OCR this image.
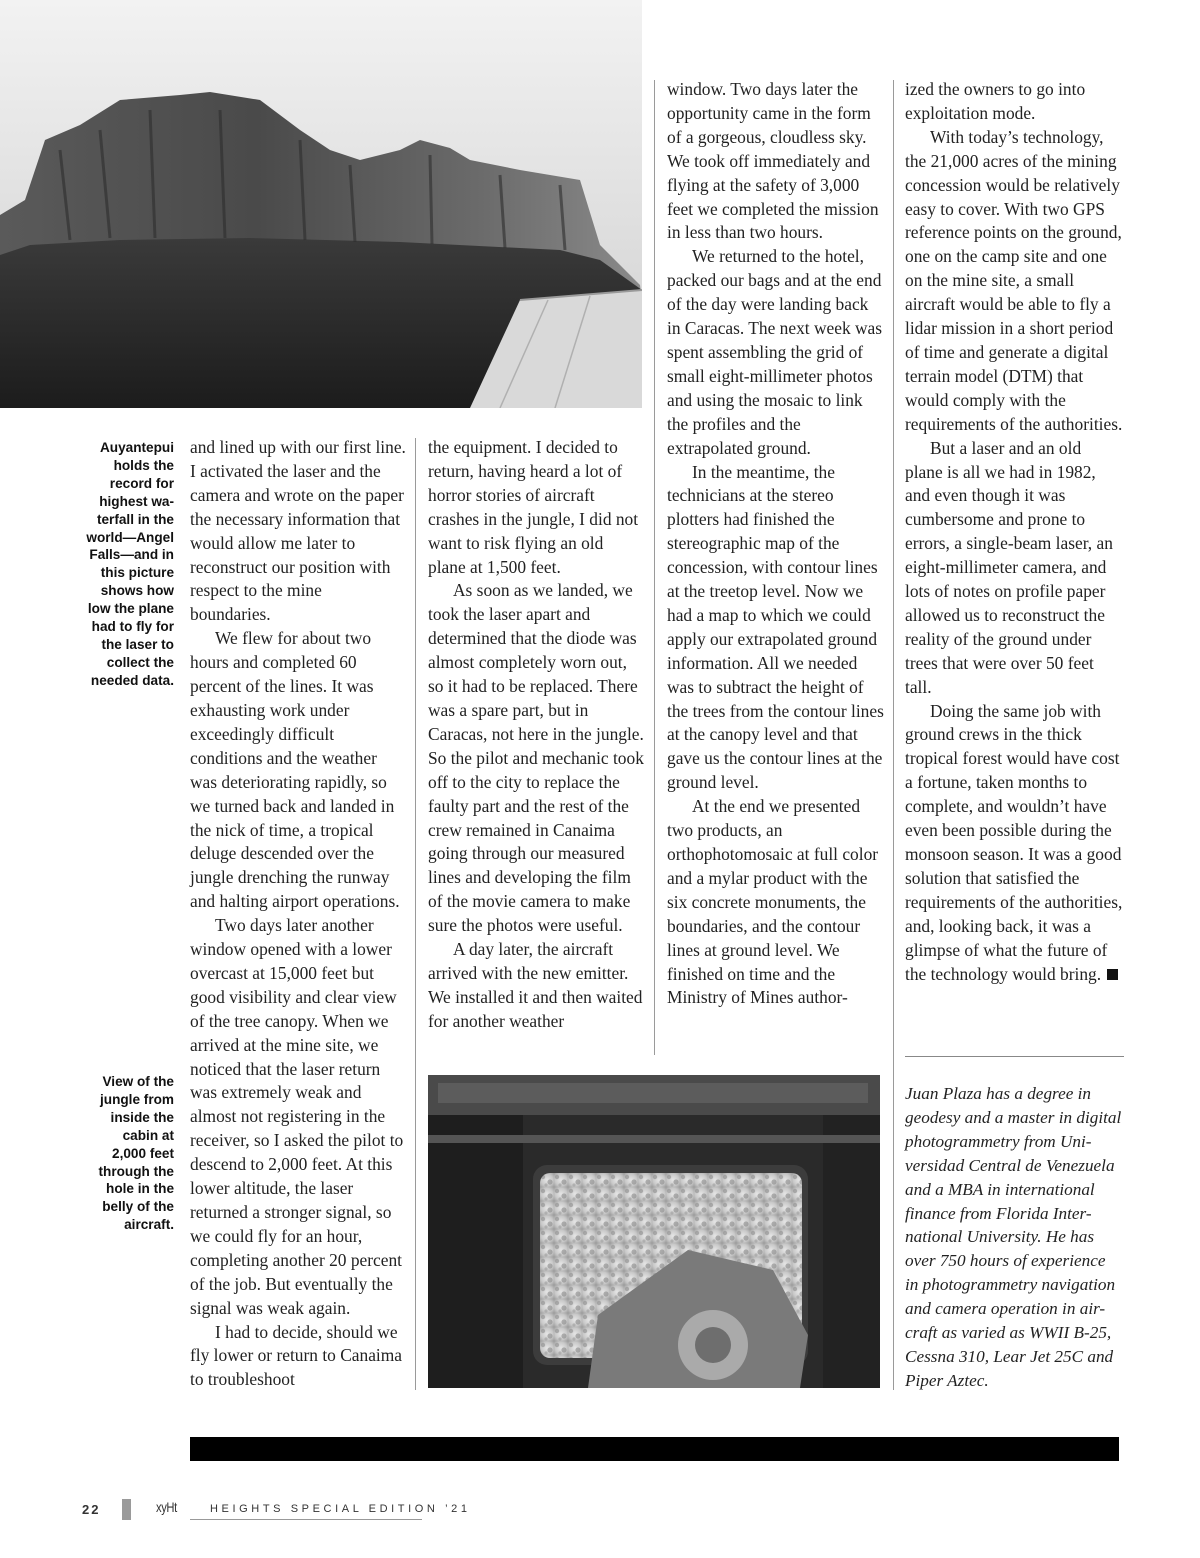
Auyantepui
holds the
record for
highest wa-
terfall in the
world—Angel
Falls—and in
this picture
shows how
low the plane
had to fly for
the laser to
collect the
needed data.
View of the
jungle from
inside the
cabin at
2,000 feet
through the
hole in the
belly of the
aircraft.

and lined up with our first line. I activated the laser and the camera and wrote on the paper the necessary information that would allow me later to reconstruct our position with respect to the mine boundaries.

We flew for about two hours and completed 60 percent of the lines. It was exhausting work under exceedingly difficult conditions and the weather was deteriorating rapidly, so we turned back and landed in the nick of time, a tropical deluge descended over the jungle drenching the runway and halting airport operations.

Two days later another window opened with a lower overcast at 15,000 feet but good visibility and clear view of the tree canopy. When we arrived at the mine site, we noticed that the laser return was extremely weak and almost not registering in the receiver, so I asked the pilot to descend to 2,000 feet. At this lower altitude, the laser returned a stronger signal, so we could fly for an hour, completing another 20 percent of the job. But eventually the signal was weak again.

I had to decide, should we fly lower or return to Canaima to troubleshoot

the equipment. I decided to return, having heard a lot of horror stories of aircraft crashes in the jungle, I did not want to risk flying an old plane at 1,500 feet.

As soon as we landed, we took the laser apart and determined that the diode was almost completely worn out, so it had to be replaced. There was a spare part, but in Caracas, not here in the jungle. So the pilot and mechanic took off to the city to replace the faulty part and the rest of the crew remained in Canaima going through our measured lines and developing the film of the movie camera to make sure the photos were useful.

A day later, the aircraft arrived with the new emitter. We installed it and then waited for another weather

window. Two days later the opportunity came in the form of a gorgeous, cloudless sky. We took off immediately and flying at the safety of 3,000 feet we completed the mission in less than two hours.

We returned to the hotel, packed our bags and at the end of the day were landing back in Caracas. The next week was spent assembling the grid of small eight-millimeter photos and using the mosaic to link the profiles and the extrapolated ground.

In the meantime, the technicians at the stereo plotters had finished the stereographic map of the concession, with contour lines at the treetop level. Now we had a map to which we could apply our extrapolated ground information. All we needed was to subtract the height of the trees from the contour lines at the canopy level and that gave us the contour lines at the ground level.

At the end we presented two products, an orthophotomosaic at full color and a mylar product with the six concrete monuments, the boundaries, and the contour lines at ground level. We finished on time and the Ministry of Mines author-

ized the owners to go into exploitation mode.

With today’s technology, the 21,000 acres of the mining concession would be relatively easy to cover. With two GPS reference points on the ground, one on the camp site and one on the mine site, a small aircraft would be able to fly a lidar mission in a short period of time and generate a digital terrain model (DTM) that would comply with the requirements of the authorities.

But a laser and an old plane is all we had in 1982, and even though it was cumbersome and prone to errors, a single-beam laser, an eight-millimeter camera, and lots of notes on profile paper allowed us to reconstruct the reality of the ground under trees that were over 50 feet tall.

Doing the same job with ground crews in the thick tropical forest would have cost a fortune, taken months to complete, and wouldn’t have even been possible during the monsoon season. It was a good solution that satisfied the requirements of the authorities, and, looking back, it was a glimpse of what the future of the technology would bring.

Juan Plaza has a degree in
geodesy and a master in digital
photogrammetry from Uni-
versidad Central de Venezuela
and a MBA in international
finance from Florida Inter-
national University. He has
over 750 hours of experience
in photogrammetry navigation
and camera operation in air-
craft as varied as WWII B-25,
Cessna 310, Lear Jet 25C and
Piper Aztec.
22	xyHt	HEIGHTS SPECIAL EDITION ’21
